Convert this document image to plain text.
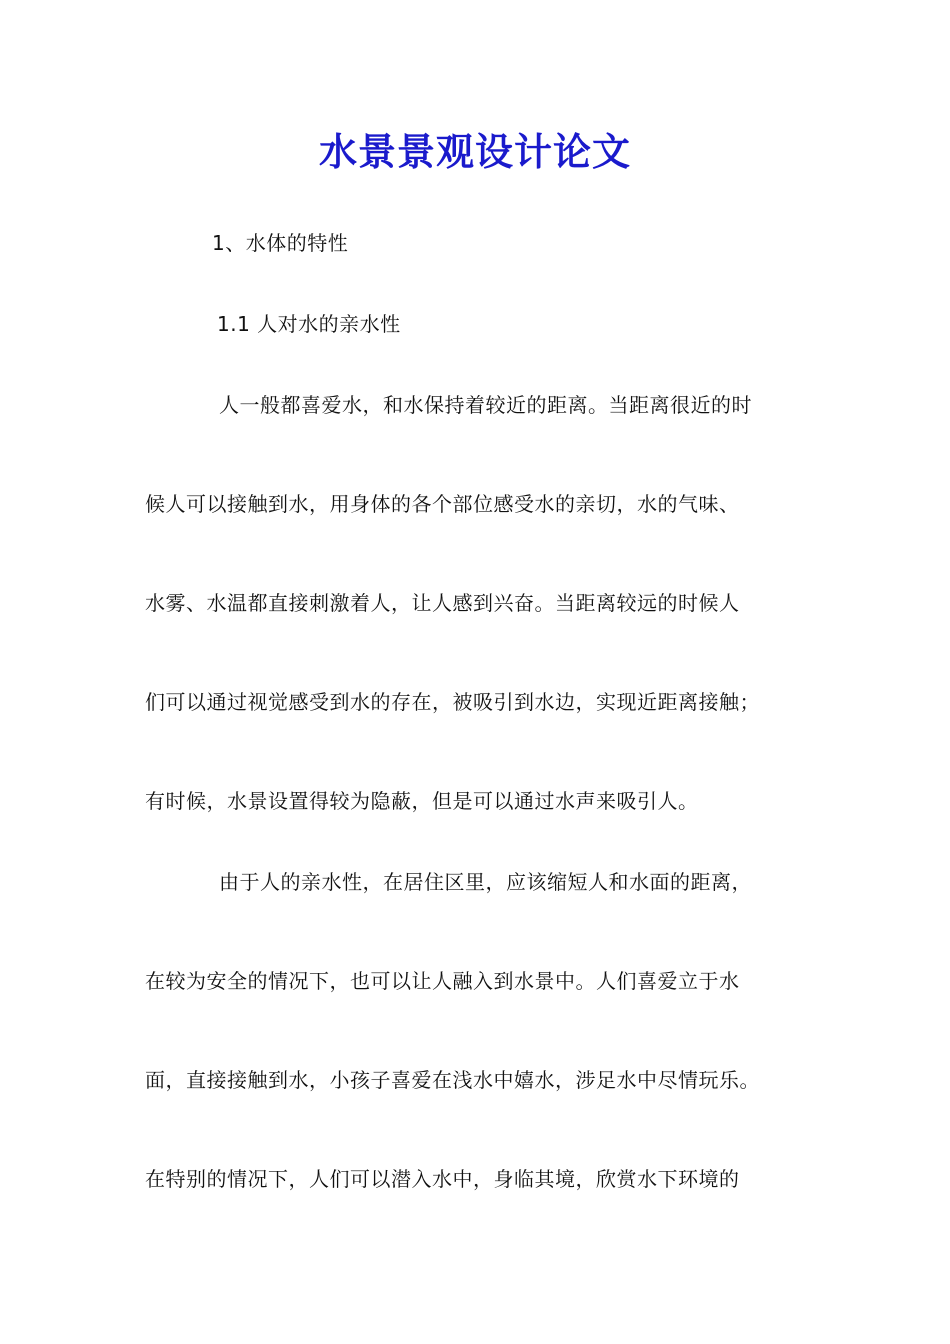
水景景观设计论文
1、水体的特性
1.1 人对水的亲水性
人一般都喜爱水，和水保持着较近的距离。当距离很近的时
候人可以接触到水，用身体的各个部位感受水的亲切，水的气味、
水雾、水温都直接刺激着人，让人感到兴奋。当距离较远的时候人
们可以通过视觉感受到水的存在，被吸引到水边，实现近距离接触；
有时候，水景设置得较为隐蔽，但是可以通过水声来吸引人。
由于人的亲水性，在居住区里，应该缩短人和水面的距离，
在较为安全的情况下，也可以让人融入到水景中。人们喜爱立于水
面，直接接触到水，小孩子喜爱在浅水中嬉水，涉足水中尽情玩乐。
在特别的情况下，人们可以潜入水中，身临其境，欣赏水下环境的
